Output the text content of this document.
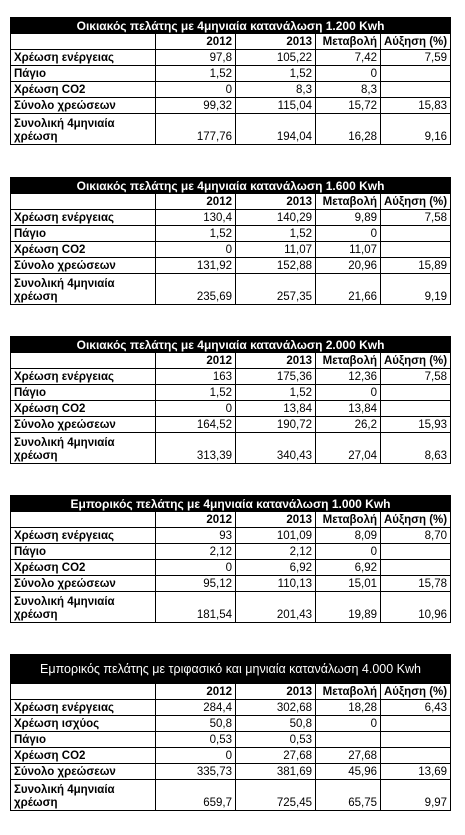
Οικιακός πελάτης με 4μηνιαία κατανάλωση 1.200 Kwh				
	2012	2013	Μεταβολή	Αύξηση (%)
Χρέωση ενέργειας	97,8	105,22	7,42	7,59
Πάγιο	1,52	1,52	0	
Χρέωση CO2	0	8,3	8,3	
Σύνολο χρεώσεων	99,32	115,04	15,72	15,83
Συνολική 4μηνιαία χρέωση	177,76	194,04	16,28	9,16
Οικιακός πελάτης με 4μηνιαία κατανάλωση 1.600 Kwh				
	2012	2013	Μεταβολή	Αύξηση (%)
Χρέωση ενέργειας	130,4	140,29	9,89	7,58
Πάγιο	1,52	1,52	0	
Χρέωση CO2	0	11,07	11,07	
Σύνολο χρεώσεων	131,92	152,88	20,96	15,89
Συνολική 4μηνιαία χρέωση	235,69	257,35	21,66	9,19
Οικιακός πελάτης με 4μηνιαία κατανάλωση 2.000 Kwh				
	2012	2013	Μεταβολή	Αύξηση (%)
Χρέωση ενέργειας	163	175,36	12,36	7,58
Πάγιο	1,52	1,52	0	
Χρέωση CO2	0	13,84	13,84	
Σύνολο χρεώσεων	164,52	190,72	26,2	15,93
Συνολική 4μηνιαία χρέωση	313,39	340,43	27,04	8,63
Εμπορικός πελάτης με 4μηνιαία κατανάλωση 1.000 Kwh				
	2012	2013	Μεταβολή	Αύξηση (%)
Χρέωση ενέργειας	93	101,09	8,09	8,70
Πάγιο	2,12	2,12	0	
Χρέωση CO2	0	6,92	6,92	
Σύνολο χρεώσεων	95,12	110,13	15,01	15,78
Συνολική 4μηνιαία χρέωση	181,54	201,43	19,89	10,96
Εμπορικός πελάτης με τριφασικό και μηνιαία κατανάλωση 4.000 Kwh				
	2012	2013	Μεταβολή	Αύξηση (%)
Χρέωση ενέργειας	284,4	302,68	18,28	6,43
Χρέωση ισχύος	50,8	50,8	0	
Πάγιο	0,53	0,53		
Χρέωση CO2	0	27,68	27,68	
Σύνολο χρεώσεων	335,73	381,69	45,96	13,69
Συνολική 4μηνιαία χρέωση	659,7	725,45	65,75	9,97
